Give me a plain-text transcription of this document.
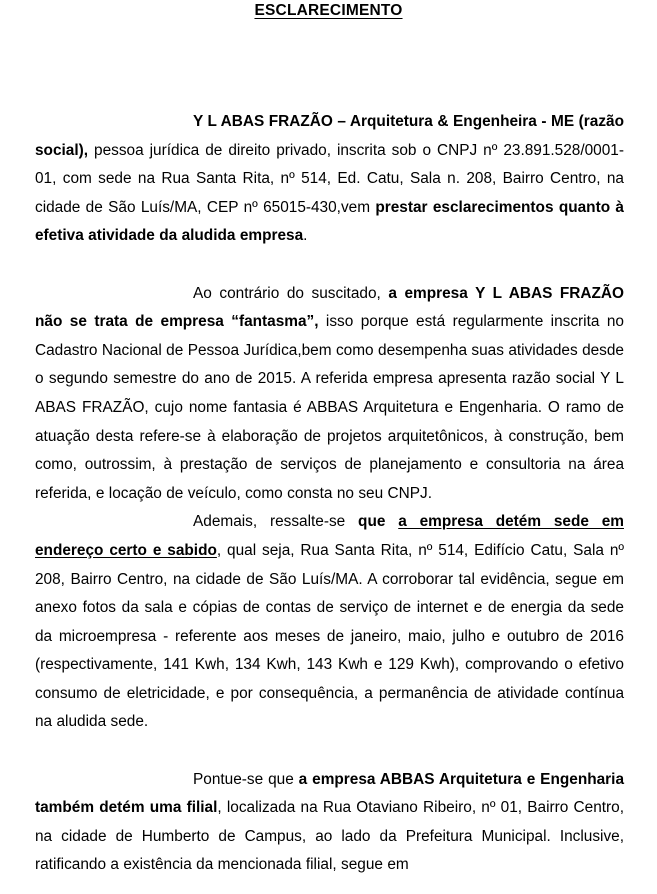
ESCLARECIMENTO

Y L ABAS FRAZÃO – Arquitetura & Engenheira - ME (razão social), pessoa jurídica de direito privado, inscrita sob o CNPJ nº 23.891.528/0001-01, com sede na Rua Santa Rita, nº 514, Ed. Catu, Sala n. 208, Bairro Centro, na cidade de São Luís/MA, CEP nº 65015-430,vem prestar esclarecimentos quanto à efetiva atividade da aludida empresa.

Ao contrário do suscitado, a empresa Y L ABAS FRAZÃO não se trata de empresa “fantasma”, isso porque está regularmente inscrita no Cadastro Nacional de Pessoa Jurídica,bem como desempenha suas atividades desde o segundo semestre do ano de 2015. A referida empresa apresenta razão social Y L ABAS FRAZÃO, cujo nome fantasia é ABBAS Arquitetura e Engenharia. O ramo de atuação desta refere-se à elaboração de projetos arquitetônicos, à construção, bem como, outrossim, à prestação de serviços de planejamento e consultoria na área referida, e locação de veículo, como consta no seu CNPJ.

Ademais, ressalte-se que a empresa detém sede em endereço certo e sabido, qual seja, Rua Santa Rita, nº 514, Edifício Catu, Sala nº 208, Bairro Centro, na cidade de São Luís/MA. A corroborar tal evidência, segue em anexo fotos da sala e cópias de contas de serviço de internet e de energia da sede da microempresa - referente aos meses de janeiro, maio, julho e outubro de 2016 (respectivamente, 141 Kwh, 134 Kwh, 143 Kwh e 129 Kwh), comprovando o efetivo consumo de eletricidade, e por consequência, a permanência de atividade contínua na aludida sede.

Pontue-se que a empresa ABBAS Arquitetura e Engenharia também detém uma filial, localizada na Rua Otaviano Ribeiro, nº 01, Bairro Centro, na cidade de Humberto de Campus, ao lado da Prefeitura Municipal. Inclusive, ratificando a existência da mencionada filial, segue em
